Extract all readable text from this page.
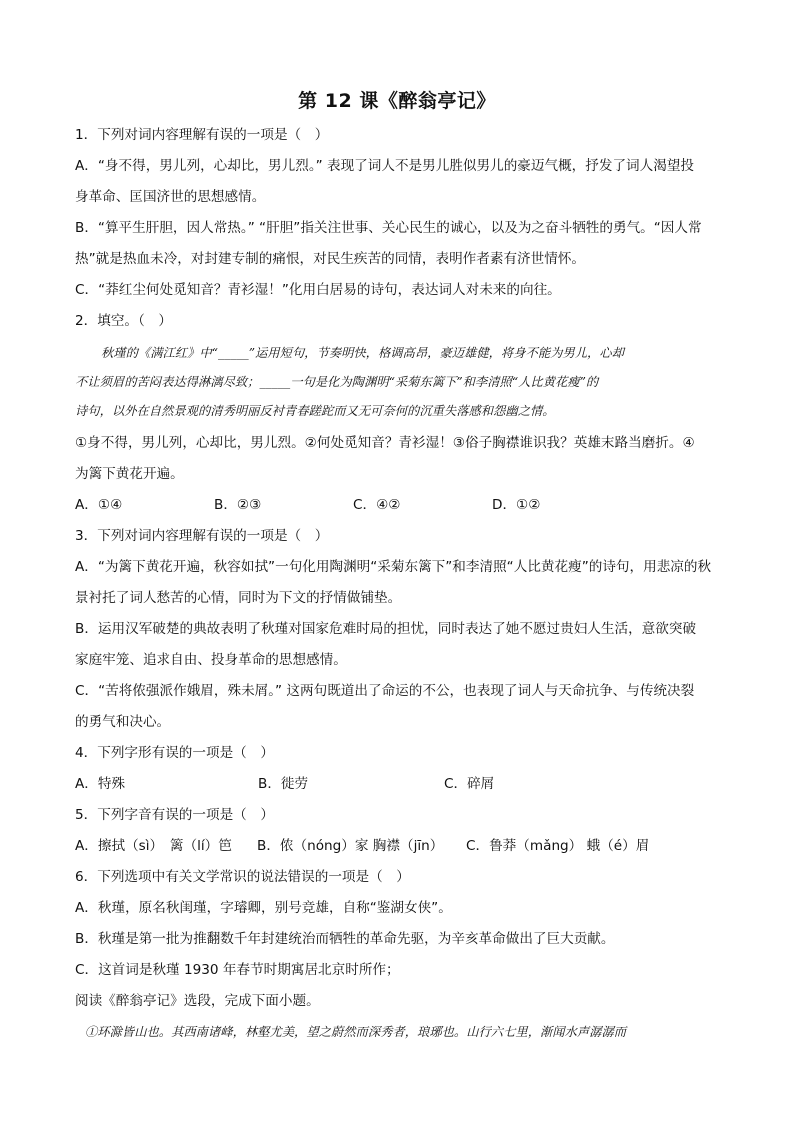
第 12 课《醉翁亭记》

1．下列对词内容理解有误的一项是（　）

A．“身不得，男儿列，心却比，男儿烈。” 表现了词人不是男儿胜似男儿的豪迈气概，抒发了词人渴望投

身革命、匡国济世的思想感情。

B．“算平生肝胆，因人常热。” “肝胆”指关注世事、关心民生的诚心，以及为之奋斗牺牲的勇气。“因人常

热”就是热血未冷，对封建专制的痛恨，对民生疾苦的同情，表明作者素有济世情怀。

C．“莽红尘何处觅知音？青衫湿！”化用白居易的诗句，表达词人对未来的向往。

2．填空。（　）

秋瑾的《满江红》中“_____”运用短句，节奏明快，格调高昂，豪迈雄健，将身不能为男儿，心却

不让须眉的苦闷表达得淋漓尽致；_____一句是化为陶渊明“采菊东篱下”和李清照“人比黄花瘦”的

诗句，以外在自然景观的清秀明丽反衬青春蹉跎而又无可奈何的沉重失落感和怨幽之情。

①身不得，男儿列，心却比，男儿烈。②何处觅知音？青衫湿！③俗子胸襟谁识我？英雄末路当磨折。④

为篱下黄花开遍。

A．①④	B．②③	C．④②	D．①②

3．下列对词内容理解有误的一项是（　）

A．“为篱下黄花开遍，秋容如拭”一句化用陶渊明“采菊东篱下”和李清照“人比黄花瘦”的诗句，用悲凉的秋

景衬托了词人愁苦的心情，同时为下文的抒情做铺垫。

B．运用汉军破楚的典故表明了秋瑾对国家危难时局的担忧，同时表达了她不愿过贵妇人生活，意欲突破

家庭牢笼、追求自由、投身革命的思想感情。

C．“苦将侬强派作娥眉，殊未屑。” 这两句既道出了命运的不公，也表现了词人与天命抗争、与传统决裂

的勇气和决心。

4．下列字形有误的一项是（　）

A．特殊	B．徙劳	C．碎屑

5．下列字音有误的一项是（　）

A．擦拭（sì）　篱（lí）笆	B．侬（nóng）家 胸襟（jīn）	C．鲁莽（mǎng） 蛾（é）眉

6．下列选项中有关文学常识的说法错误的一项是（　）

A．秋瑾，原名秋闺瑾，字璿卿，别号竞雄，自称“鉴湖女侠”。

B．秋瑾是第一批为推翻数千年封建统治而牺牲的革命先驱，为辛亥革命做出了巨大贡献。

C．这首词是秋瑾 1930 年春节时期寓居北京时所作；

阅读《醉翁亭记》选段，完成下面小题。

①环滁皆山也。其西南诸峰，林壑尤美，望之蔚然而深秀者，琅琊也。山行六七里，渐闻水声潺潺而
